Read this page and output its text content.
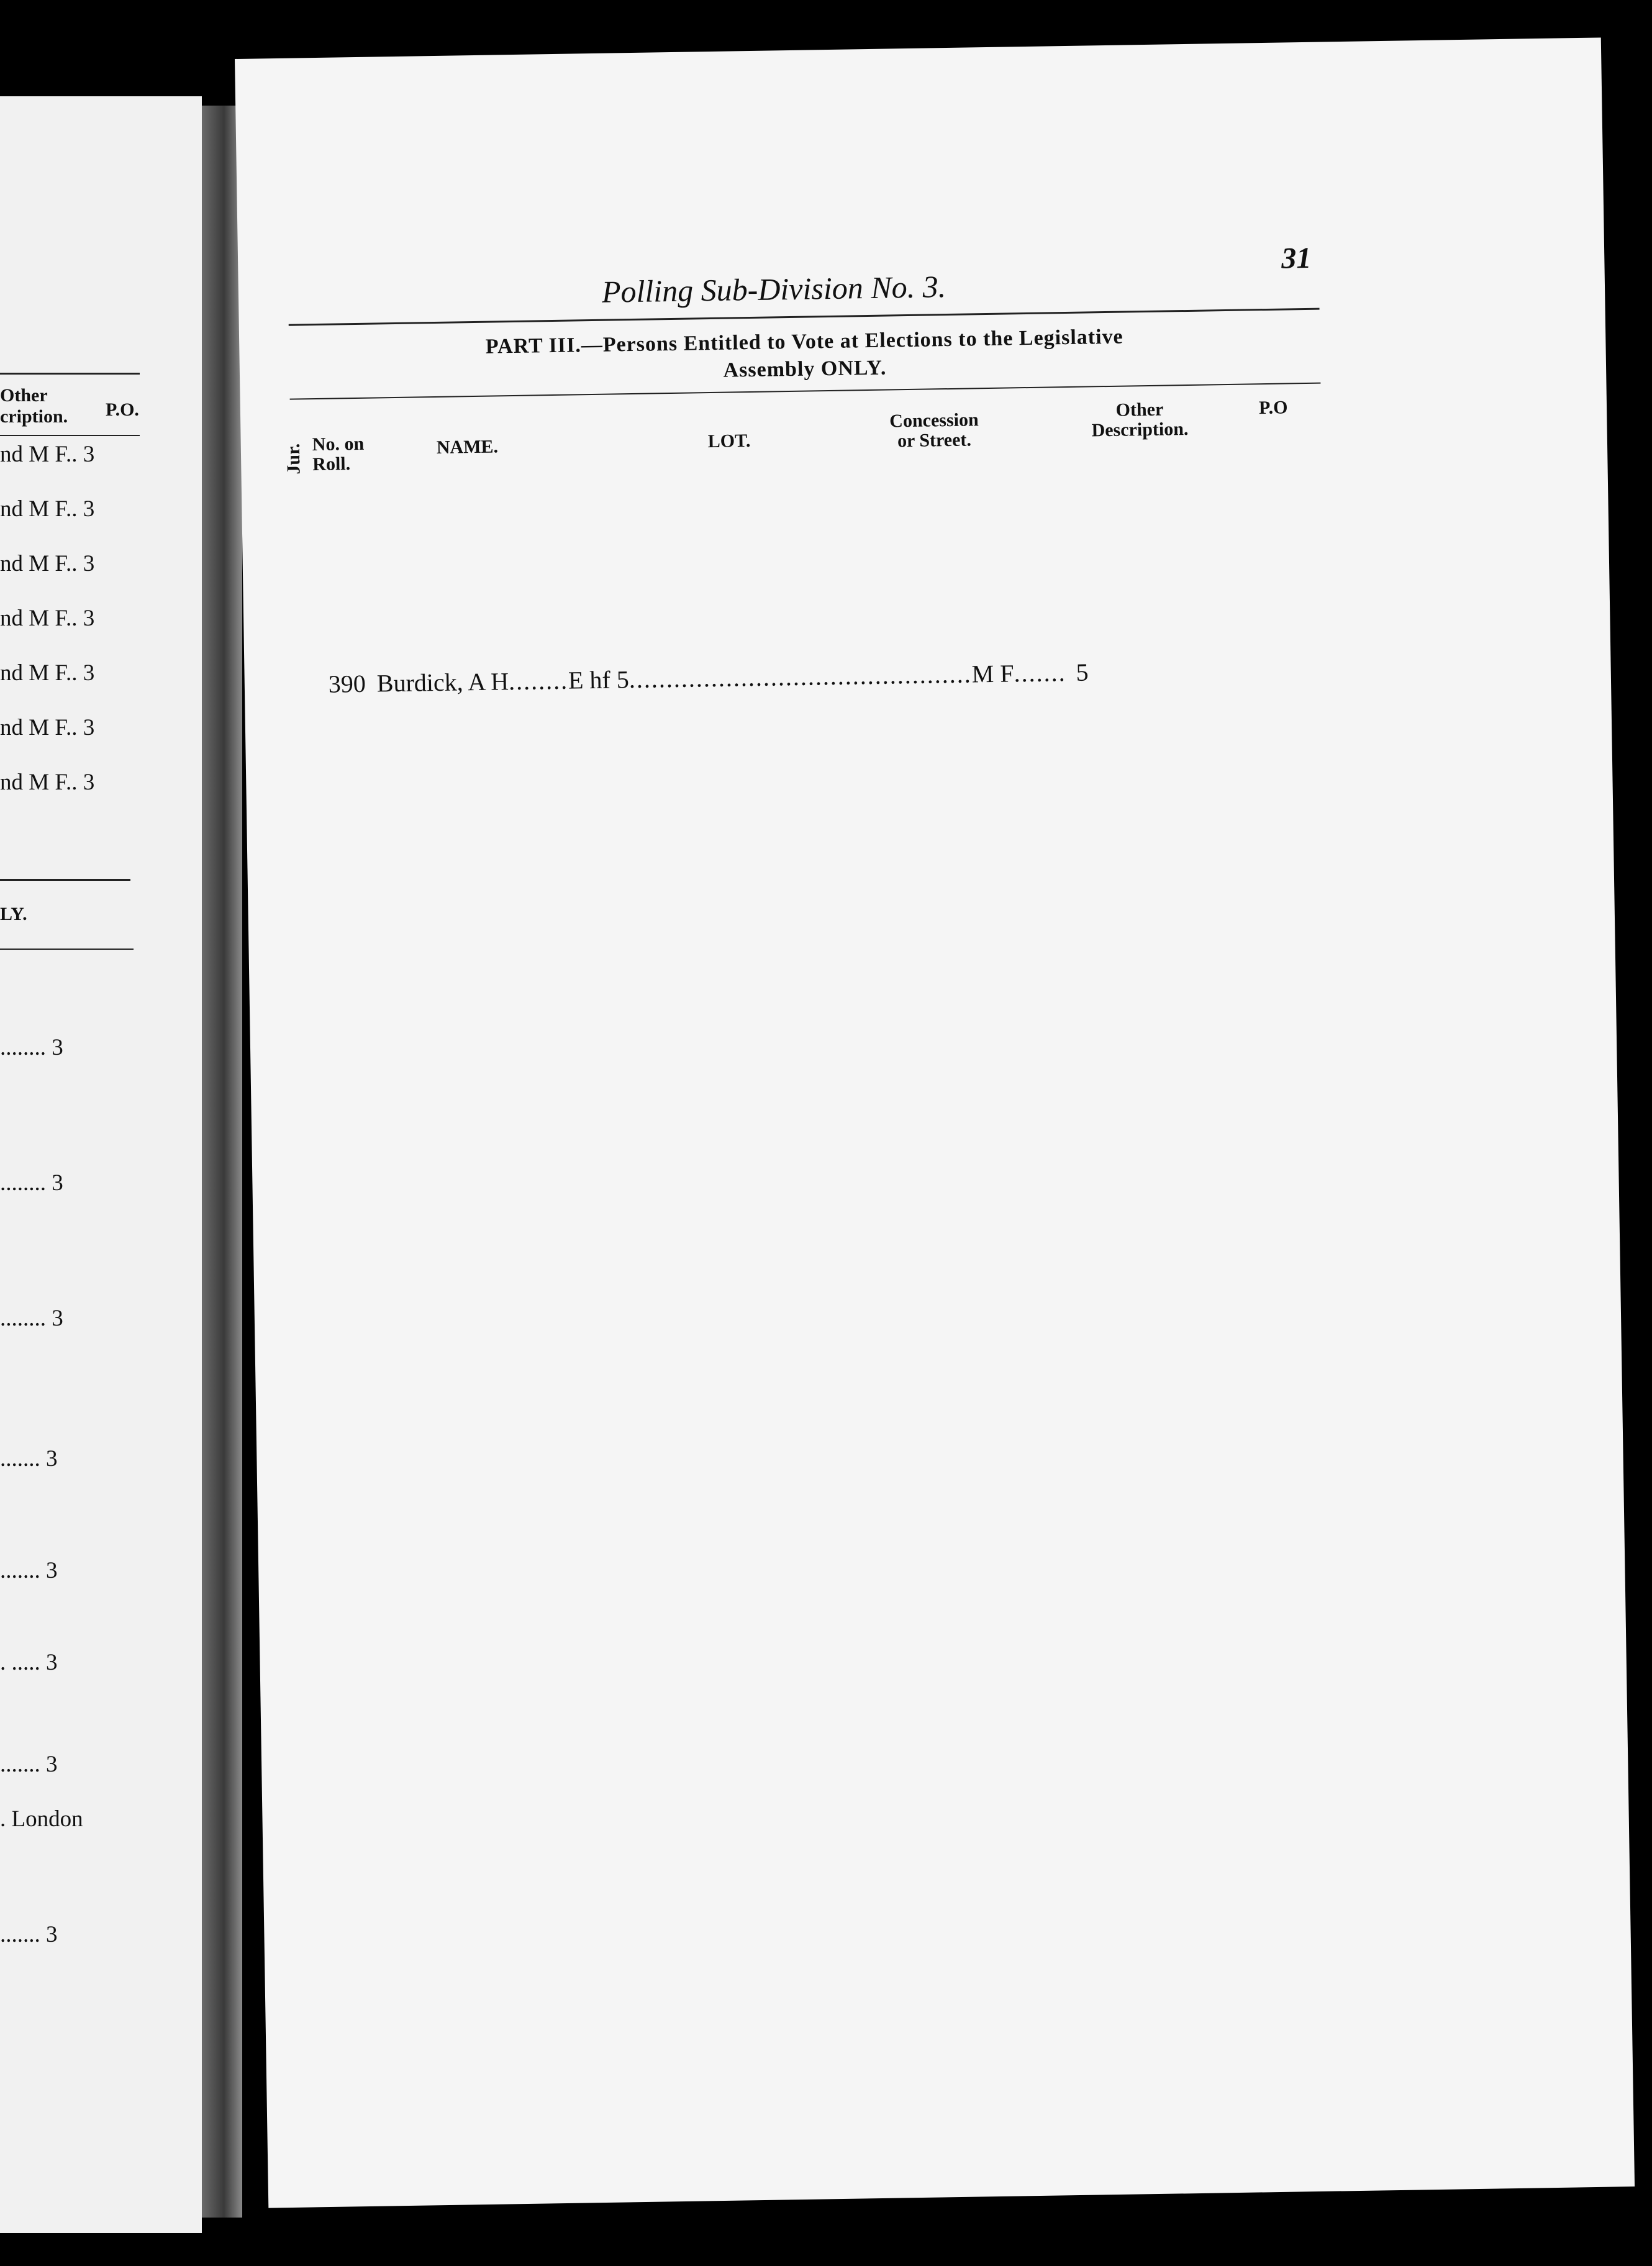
Other
cription. P.O.
nd M F.. 3
nd M F.. 3
nd M F.. 3
nd M F.. 3
nd M F.. 3
nd M F.. 3
nd M F.. 3
LY.
........ 3
........ 3
........ 3
....... 3
....... 3
. ..... 3
....... 3
. London
....... 3
Polling Sub-Division No. 3.
31
PART III.—Persons Entitled to Vote at Elections to the Legislative
Assembly ONLY.
Jur. No. on
Roll.
NAME.	LOT.
Concession
or Street.
Other
Description.
P.O
390 Burdick, A H........E hf 5..............................................M F....... 5
